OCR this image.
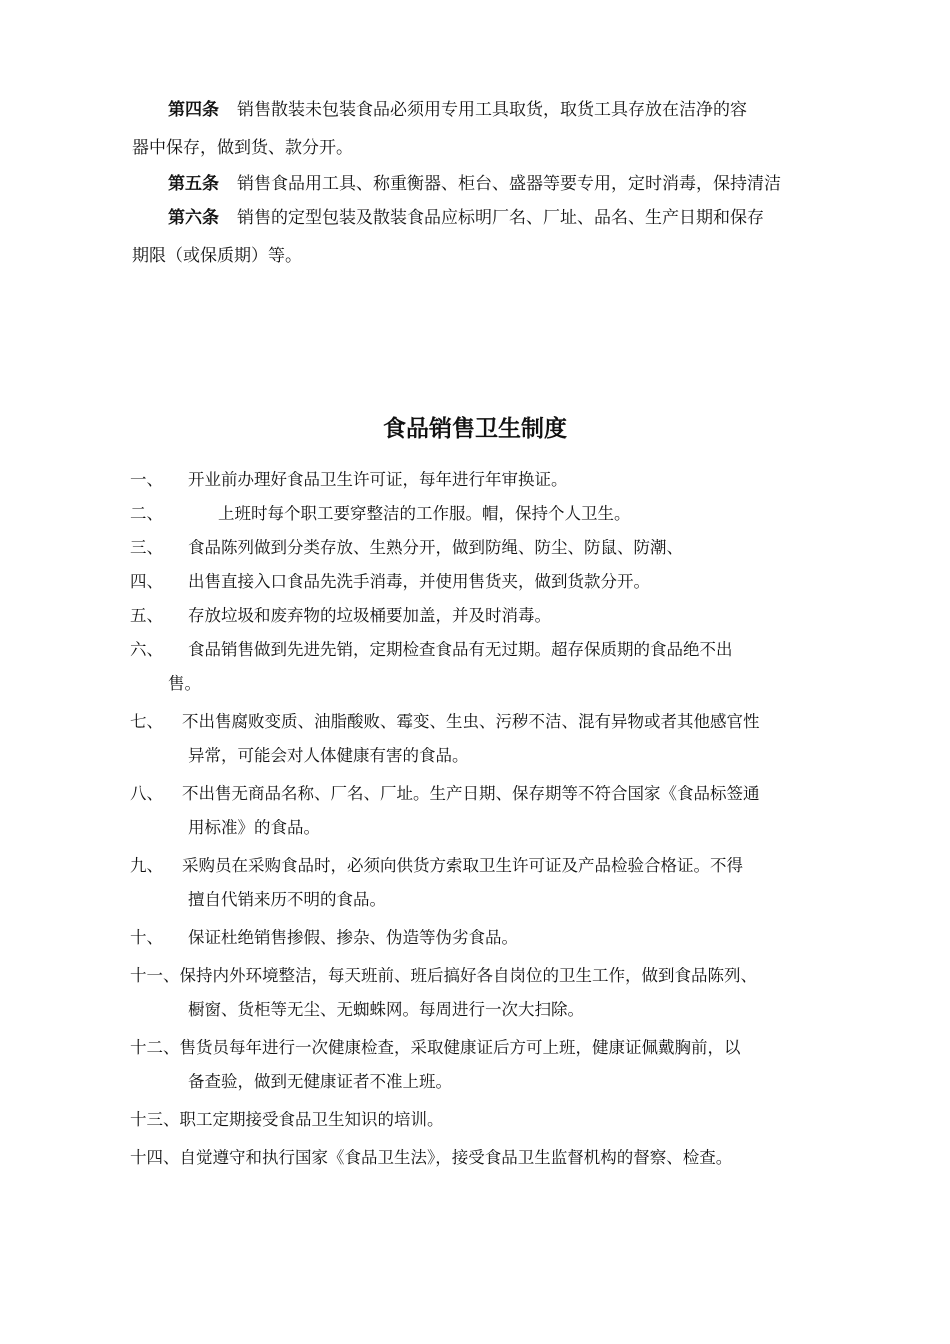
第四条 销售散装未包装食品必须用专用工具取货，取货工具存放在洁净的容
器中保存，做到货、款分开。
第五条 销售食品用工具、称重衡器、柜台、盛器等要专用，定时消毒，保持清洁
第六条 销售的定型包装及散装食品应标明厂名、厂址、品名、生产日期和保存
期限（或保质期）等。
食品销售卫生制度
一、	开业前办理好食品卫生许可证，每年进行年审换证。
二、	上班时每个职工要穿整洁的工作服。帽，保持个人卫生。
三、	食品陈列做到分类存放、生熟分开，做到防绳、防尘、防鼠、防潮、
四、	出售直接入口食品先洗手消毒，并使用售货夹，做到货款分开。
五、	存放垃圾和废弃物的垃圾桶要加盖，并及时消毒。
六、	食品销售做到先进先销，定期检查食品有无过期。超存保质期的食品绝不出
售。
七、	不出售腐败变质、油脂酸败、霉变、生虫、污秽不洁、混有异物或者其他感官性
异常，可能会对人体健康有害的食品。
八、	不出售无商品名称、厂名、厂址。生产日期、保存期等不符合国家《食品标签通
用标准》的食品。
九、	采购员在采购食品时，必须向供货方索取卫生许可证及产品检验合格证。不得
擅自代销来历不明的食品。
十、	保证杜绝销售掺假、掺杂、伪造等伪劣食品。
十一、 保持内外环境整洁，每天班前、班后搞好各自岗位的卫生工作，做到食品陈列、
橱窗、货柜等无尘、无蜘蛛网。每周进行一次大扫除。
十二、 售货员每年进行一次健康检查，采取健康证后方可上班，健康证佩戴胸前，以
备查验，做到无健康证者不准上班。
十三、 职工定期接受食品卫生知识的培训。
十四、 自觉遵守和执行国家《食品卫生法》，接受食品卫生监督机构的督察、检查。
